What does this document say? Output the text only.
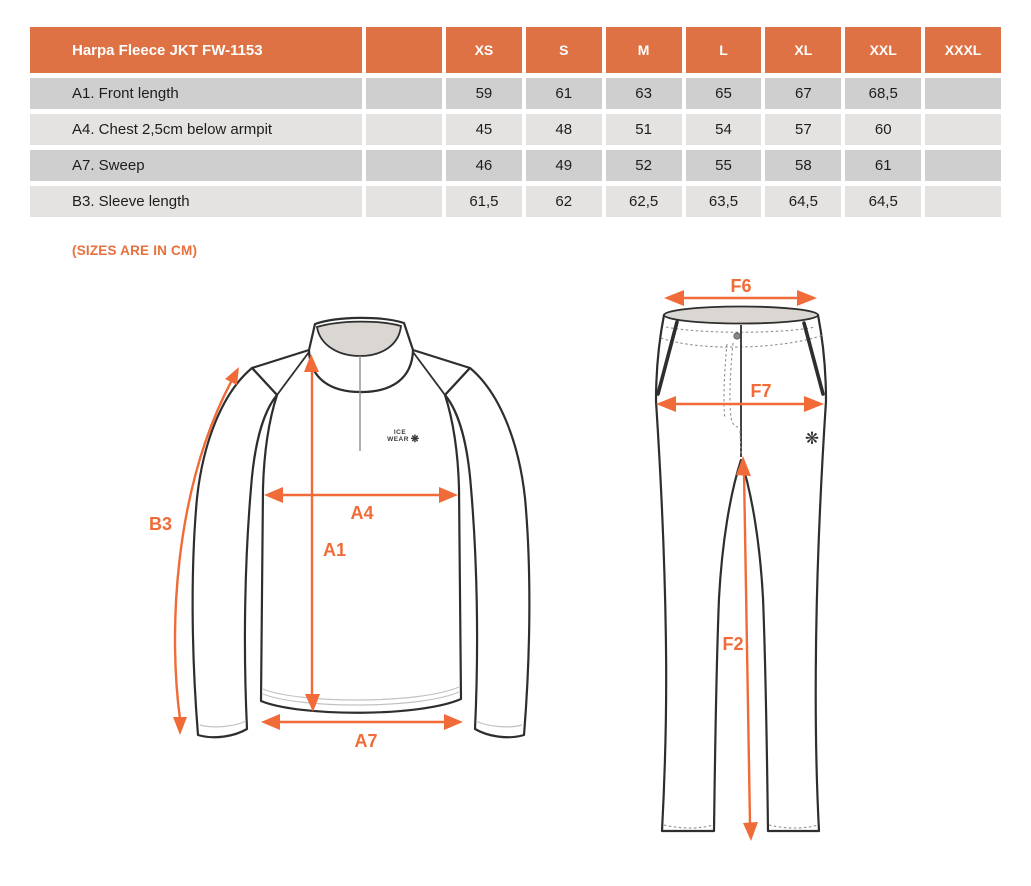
Harpa Fleece JKT FW-1153	XS	S	M	L	XL	XXL	XXXL
A1. Front length	59	61	63	65	67	68,5
A4. Chest 2,5cm below armpit	45	48	51	54	57	60
A7. Sweep	46	49	52	55	58	61
B3. Sleeve length	61,5	62	62,5	63,5	64,5	64,5
(SIZES ARE IN CM)
ICE
WEAR ❋
A1
A4
A7
B3
❋
F6
F7
F2
